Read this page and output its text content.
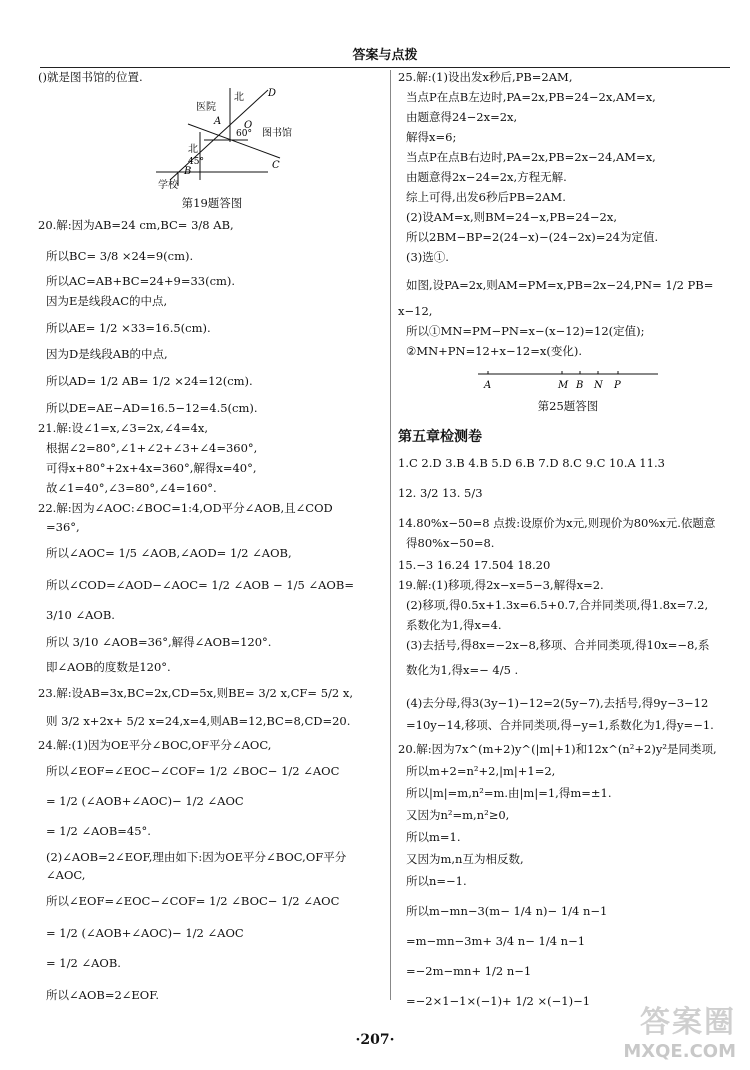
答案与点拨
()就是图书馆的位置.
医院
北
北
图书馆
学校
60°
45°
A
B
C
D
O
第19题答图
20.解:因为AB=24 cm,BC= 3/8 AB,
所以BC= 3/8 ×24=9(cm).
所以AC=AB+BC=24+9=33(cm).
因为E是线段AC的中点,
所以AE= 1/2 ×33=16.5(cm).
因为D是线段AB的中点,
所以AD= 1/2 AB= 1/2 ×24=12(cm).
所以DE=AE−AD=16.5−12=4.5(cm).
21.解:设∠1=x,∠3=2x,∠4=4x,
根据∠2=80°,∠1+∠2+∠3+∠4=360°,
可得x+80°+2x+4x=360°,解得x=40°,
故∠1=40°,∠3=80°,∠4=160°.
22.解:因为∠AOC:∠BOC=1:4,OD平分∠AOB,且∠COD
=36°,
所以∠AOC= 1/5 ∠AOB,∠AOD= 1/2 ∠AOB,
所以∠COD=∠AOD−∠AOC= 1/2 ∠AOB − 1/5 ∠AOB=
3/10 ∠AOB.
所以 3/10 ∠AOB=36°,解得∠AOB=120°.
即∠AOB的度数是120°.
23.解:设AB=3x,BC=2x,CD=5x,则BE= 3/2 x,CF= 5/2 x,
则 3/2 x+2x+ 5/2 x=24,x=4,则AB=12,BC=8,CD=20.
24.解:(1)因为OE平分∠BOC,OF平分∠AOC,
所以∠EOF=∠EOC−∠COF= 1/2 ∠BOC− 1/2 ∠AOC
= 1/2 (∠AOB+∠AOC)− 1/2 ∠AOC
= 1/2 ∠AOB=45°.
(2)∠AOB=2∠EOF,理由如下:因为OE平分∠BOC,OF平分
∠AOC,
所以∠EOF=∠EOC−∠COF= 1/2 ∠BOC− 1/2 ∠AOC
= 1/2 (∠AOB+∠AOC)− 1/2 ∠AOC
= 1/2 ∠AOB.
所以∠AOB=2∠EOF.
25.解:(1)设出发x秒后,PB=2AM,
当点P在点B左边时,PA=2x,PB=24−2x,AM=x,
由题意得24−2x=2x,
解得x=6;
当点P在点B右边时,PA=2x,PB=2x−24,AM=x,
由题意得2x−24=2x,方程无解.
综上可得,出发6秒后PB=2AM.
(2)设AM=x,则BM=24−x,PB=24−2x,
所以2BM−BP=2(24−x)−(24−2x)=24为定值.
(3)选①.
如图,设PA=2x,则AM=PM=x,PB=2x−24,PN= 1/2 PB=
x−12,
所以①MN=PM−PN=x−(x−12)=12(定值);
②MN+PN=12+x−12=x(变化).
A	M B N P
第25题答图
第五章检测卷
1.C 2.D 3.B 4.B 5.D 6.B 7.D 8.C 9.C 10.A 11.3
12. 3/2 13. 5/3
14.80%x−50=8 点拨:设原价为x元,则现价为80%x元.依题意
得80%x−50=8.
15.−3 16.24 17.504 18.20
19.解:(1)移项,得2x−x=5−3,解得x=2.
(2)移项,得0.5x+1.3x=6.5+0.7,合并同类项,得1.8x=7.2,
系数化为1,得x=4.
(3)去括号,得8x=−2x−8,移项、合并同类项,得10x=−8,系
数化为1,得x=− 4/5 .
(4)去分母,得3(3y−1)−12=2(5y−7),去括号,得9y−3−12
=10y−14,移项、合并同类项,得−y=1,系数化为1,得y=−1.
20.解:因为7x^(m+2)y^(|m|+1)和12x^(n²+2)y²是同类项,
所以m+2=n²+2,|m|+1=2,
所以|m|=m,n²=m.由|m|=1,得m=±1.
又因为n²=m,n²≥0,
所以m=1.
又因为m,n互为相反数,
所以n=−1.
所以m−mn−3(m− 1/4 n)− 1/4 n−1
=m−mn−3m+ 3/4 n− 1/4 n−1
=−2m−mn+ 1/2 n−1
=−2×1−1×(−1)+ 1/2 ×(−1)−1
·207·	答案圈
MXQE.COM
